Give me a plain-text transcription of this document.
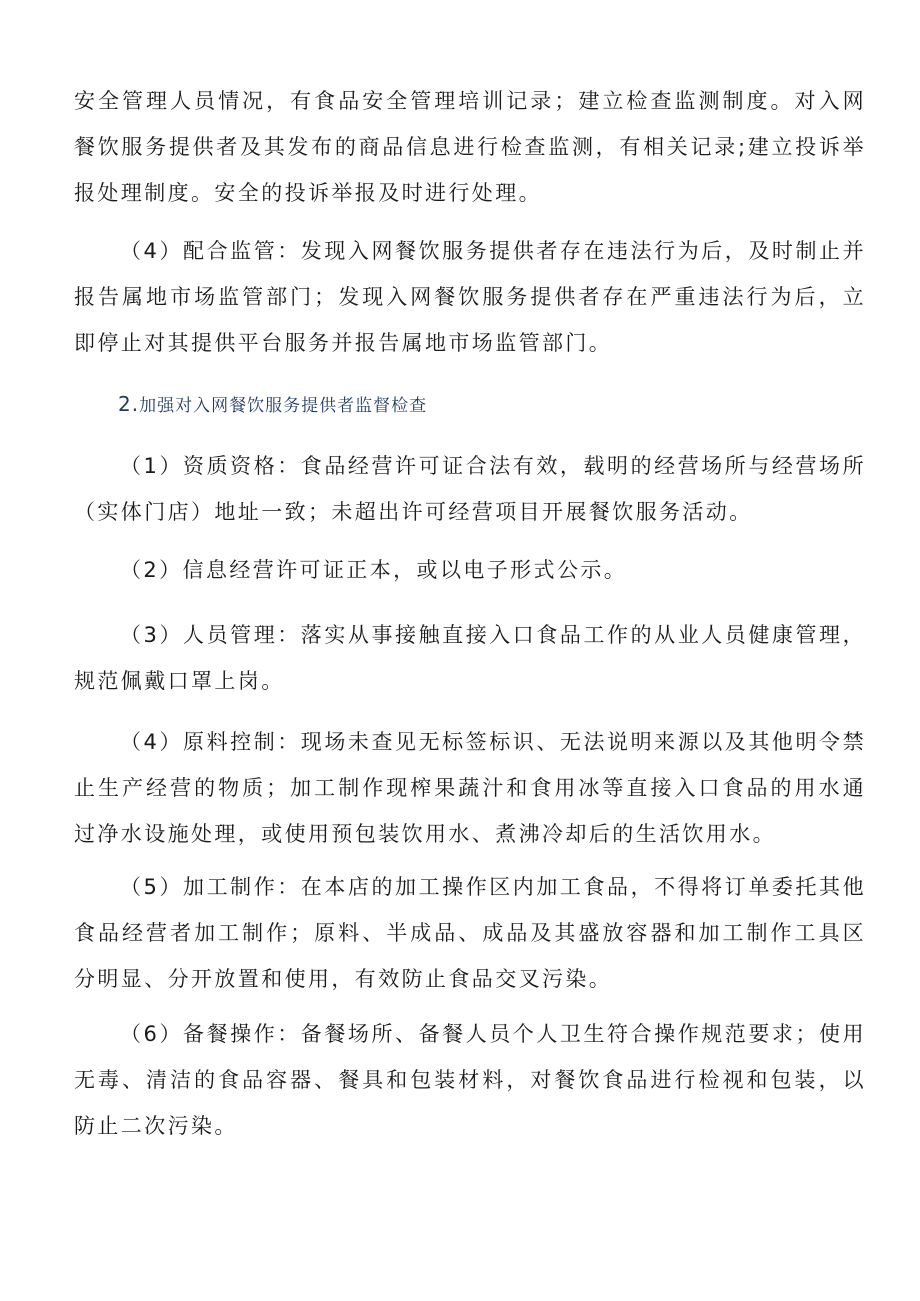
安全管理人员情况，有食品安全管理培训记录；建立检查监测制度。对入网餐饮服务提供者及其发布的商品信息进行检查监测，有相关记录;建立投诉举报处理制度。安全的投诉举报及时进行处理。

（4）配合监管：发现入网餐饮服务提供者存在违法行为后，及时制止并报告属地市场监管部门；发现入网餐饮服务提供者存在严重违法行为后，立即停止对其提供平台服务并报告属地市场监管部门。

2.加强对入网餐饮服务提供者监督检查

（1）资质资格：食品经营许可证合法有效，载明的经营场所与经营场所（实体门店）地址一致；未超出许可经营项目开展餐饮服务活动。

（2）信息经营许可证正本，或以电子形式公示。

（3）人员管理：落实从事接触直接入口食品工作的从业人员健康管理，规范佩戴口罩上岗。

（4）原料控制：现场未查见无标签标识、无法说明来源以及其他明令禁止生产经营的物质；加工制作现榨果蔬汁和食用冰等直接入口食品的用水通过净水设施处理，或使用预包装饮用水、煮沸冷却后的生活饮用水。

（5）加工制作：在本店的加工操作区内加工食品，不得将订单委托其他食品经营者加工制作；原料、半成品、成品及其盛放容器和加工制作工具区分明显、分开放置和使用，有效防止食品交叉污染。

（6）备餐操作：备餐场所、备餐人员个人卫生符合操作规范要求；使用无毒、清洁的食品容器、餐具和包装材料，对餐饮食品进行检视和包装，以防止二次污染。
